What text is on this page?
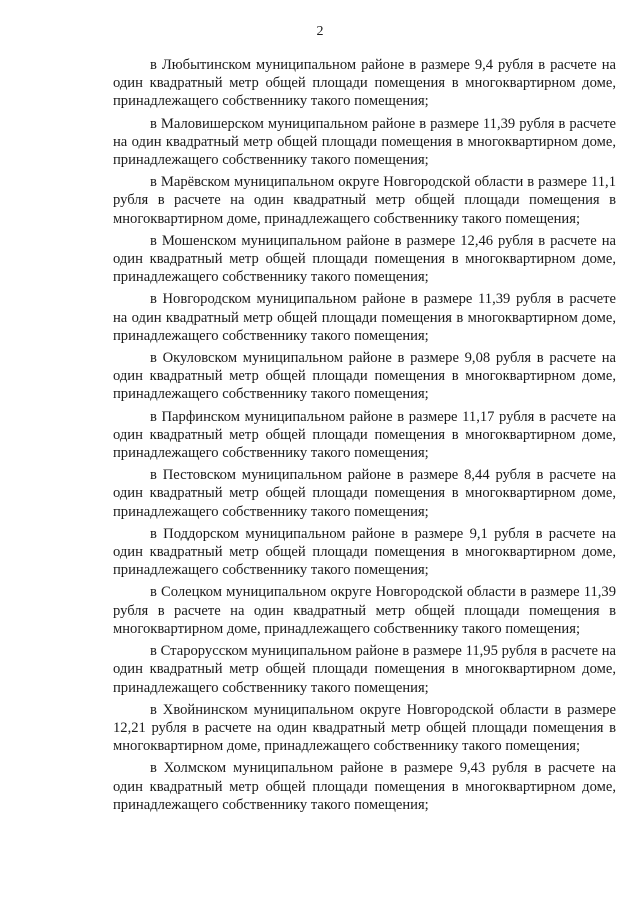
2

в Любытинском муниципальном районе в размере 9,4 рубля в расчете на один квадратный метр общей площади помещения в многоквартирном доме, принадлежащего собственнику такого помещения;

в Маловишерском муниципальном районе в размере 11,39 рубля в расчете на один квадратный метр общей площади помещения в многоквартирном доме, принадлежащего собственнику такого помещения;

в Марёвском муниципальном округе Новгородской области в размере 11,1 рубля в расчете на один квадратный метр общей площади помещения в многоквартирном доме, принадлежащего собственнику такого помещения;

в Мошенском муниципальном районе в размере 12,46 рубля в расчете на один квадратный метр общей площади помещения в многоквартирном доме, принадлежащего собственнику такого помещения;

в Новгородском муниципальном районе в размере 11,39 рубля в расчете на один квадратный метр общей площади помещения в многоквартирном доме, принадлежащего собственнику такого помещения;

в Окуловском муниципальном районе в размере 9,08 рубля в расчете на один квадратный метр общей площади помещения в многоквартирном доме, принадлежащего собственнику такого помещения;

в Парфинском муниципальном районе в размере 11,17 рубля в расчете на один квадратный метр общей площади помещения в многоквартирном доме, принадлежащего собственнику такого помещения;

в Пестовском муниципальном районе в размере 8,44 рубля в расчете на один квадратный метр общей площади помещения в многоквартирном доме, принадлежащего собственнику такого помещения;

в Поддорском муниципальном районе в размере 9,1 рубля в расчете на один квадратный метр общей площади помещения в многоквартирном доме, принадлежащего собственнику такого помещения;

в Солецком муниципальном округе Новгородской области в размере 11,39 рубля в расчете на один квадратный метр общей площади помещения в многоквартирном доме, принадлежащего собственнику такого помещения;

в Старорусском муниципальном районе в размере 11,95 рубля в расчете на один квадратный метр общей площади помещения в многоквартирном доме, принадлежащего собственнику такого помещения;

в Хвойнинском муниципальном округе Новгородской области в размере 12,21 рубля в расчете на один квадратный метр общей площади помещения в многоквартирном доме, принадлежащего собственнику такого помещения;

в Холмском муниципальном районе в размере 9,43 рубля в расчете на один квадратный метр общей площади помещения в многоквартирном доме, принадлежащего собственнику такого помещения;
